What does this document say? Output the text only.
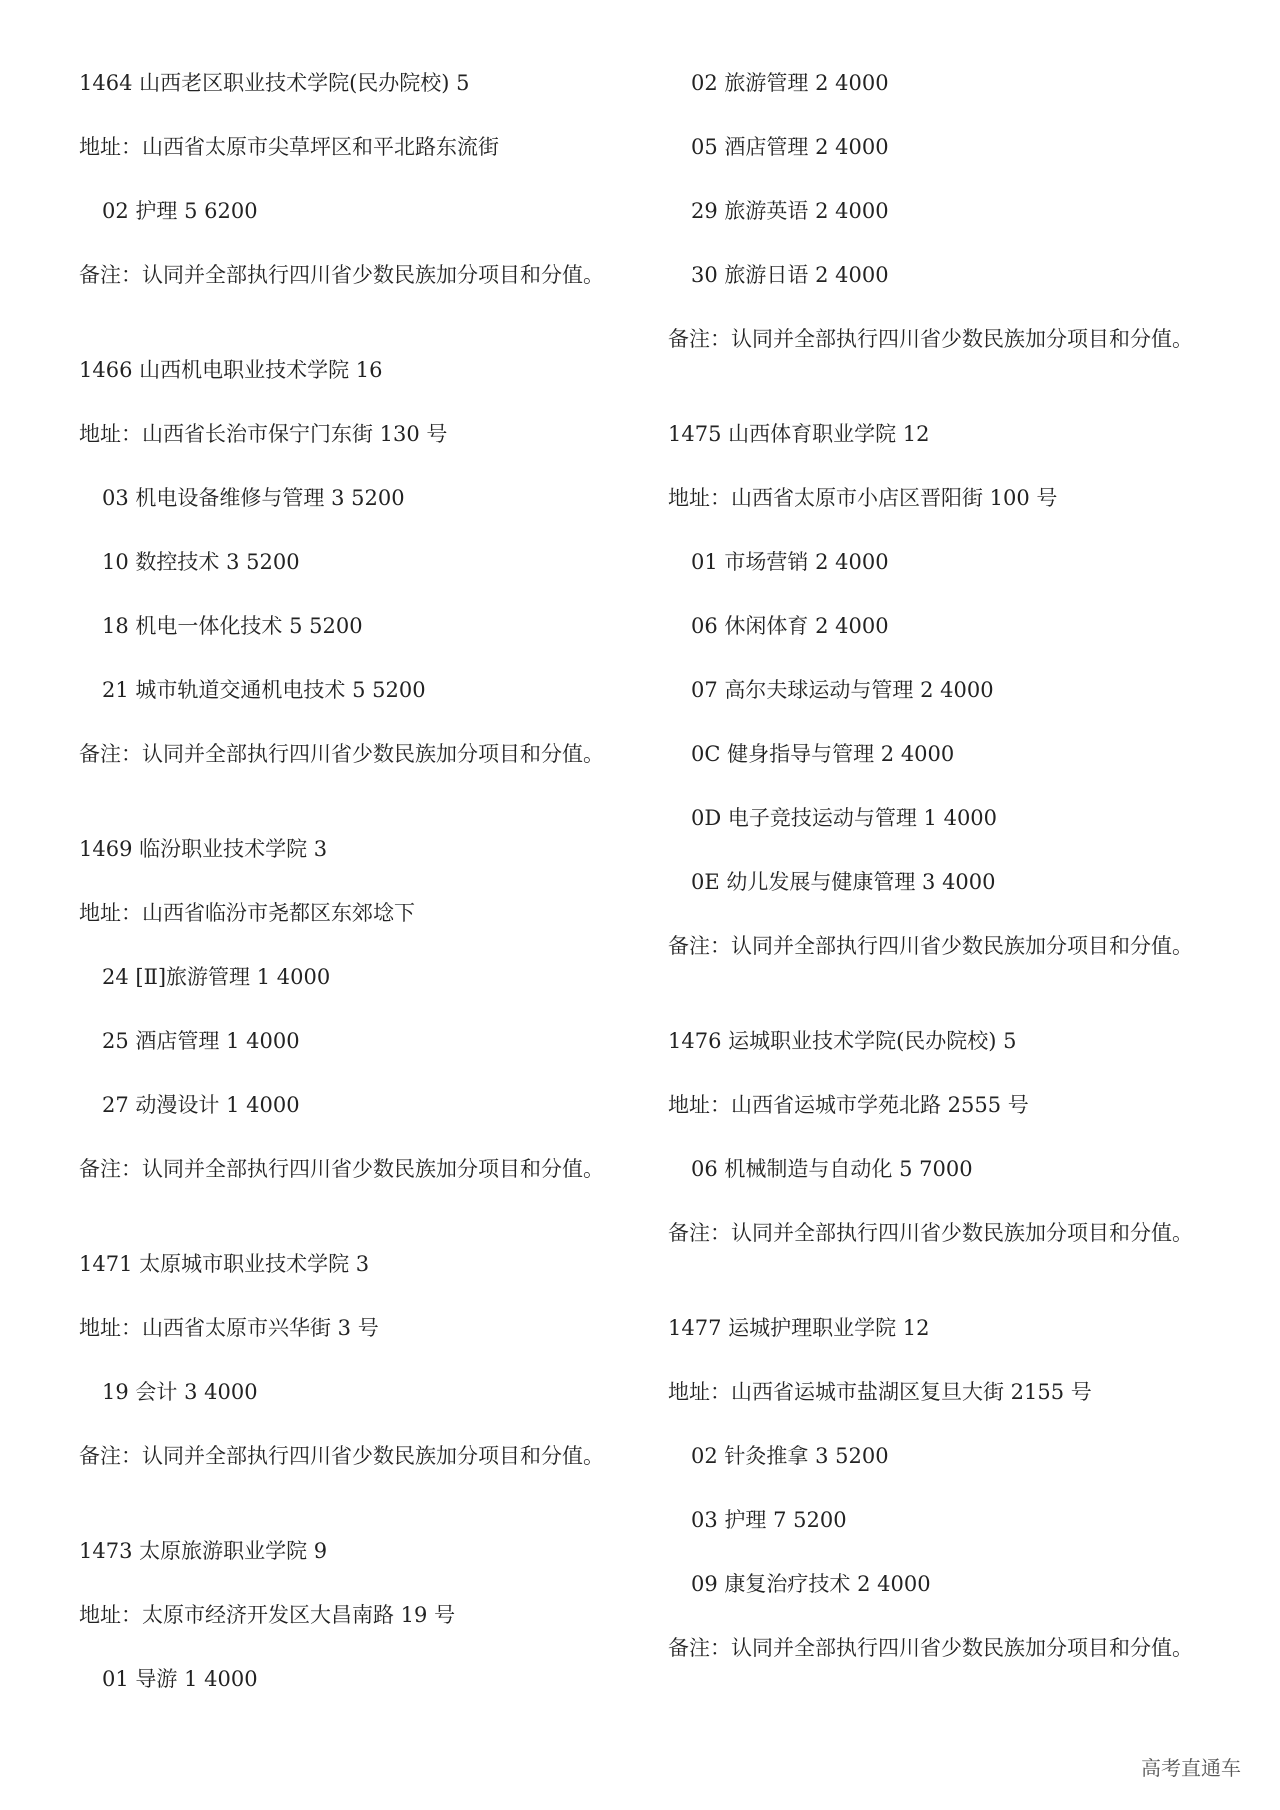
1464 山西老区职业技术学院(民办院校) 5
地址：山西省太原市尖草坪区和平北路东流街
02 护理 5 6200
备注：认同并全部执行四川省少数民族加分项目和分值。
1466 山西机电职业技术学院 16
地址：山西省长治市保宁门东街 130 号
03 机电设备维修与管理 3 5200
10 数控技术 3 5200
18 机电一体化技术 5 5200
21 城市轨道交通机电技术 5 5200
备注：认同并全部执行四川省少数民族加分项目和分值。
1469 临汾职业技术学院 3
地址：山西省临汾市尧都区东郊埝下
24 [Ⅱ]旅游管理 1 4000
25 酒店管理 1 4000
27 动漫设计 1 4000
备注：认同并全部执行四川省少数民族加分项目和分值。
1471 太原城市职业技术学院 3
地址：山西省太原市兴华街 3 号
19 会计 3 4000
备注：认同并全部执行四川省少数民族加分项目和分值。
1473 太原旅游职业学院 9
地址：太原市经济开发区大昌南路 19 号
01 导游 1 4000
02 旅游管理 2 4000
05 酒店管理 2 4000
29 旅游英语 2 4000
30 旅游日语 2 4000
备注：认同并全部执行四川省少数民族加分项目和分值。
1475 山西体育职业学院 12
地址：山西省太原市小店区晋阳街 100 号
01 市场营销 2 4000
06 休闲体育 2 4000
07 高尔夫球运动与管理 2 4000
0C 健身指导与管理 2 4000
0D 电子竞技运动与管理 1 4000
0E 幼儿发展与健康管理 3 4000
备注：认同并全部执行四川省少数民族加分项目和分值。
1476 运城职业技术学院(民办院校) 5
地址：山西省运城市学苑北路 2555 号
06 机械制造与自动化 5 7000
备注：认同并全部执行四川省少数民族加分项目和分值。
1477 运城护理职业学院 12
地址：山西省运城市盐湖区复旦大街 2155 号
02 针灸推拿 3 5200
03 护理 7 5200
09 康复治疗技术 2 4000
备注：认同并全部执行四川省少数民族加分项目和分值。
高考直通车
